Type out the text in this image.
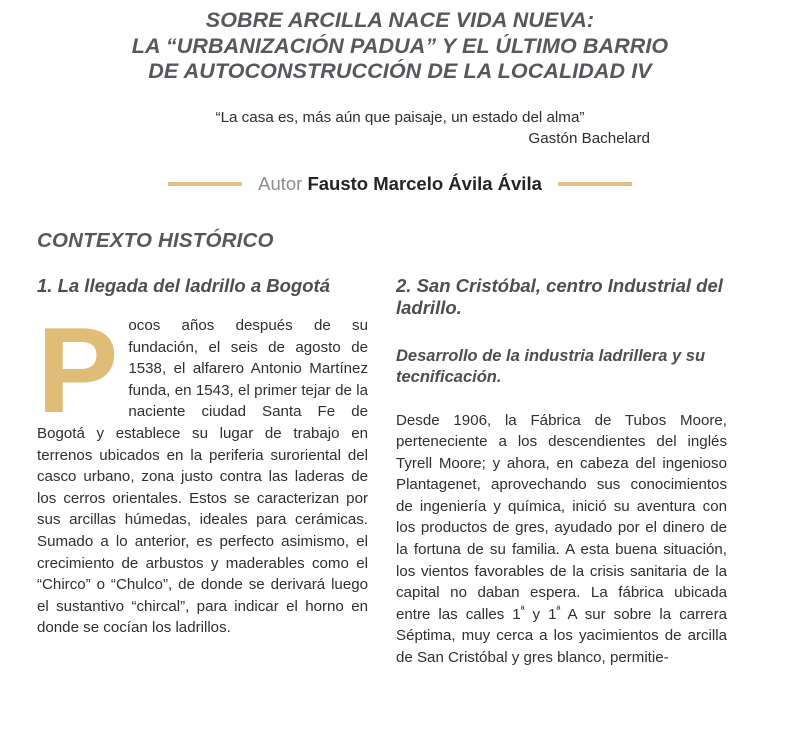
SOBRE ARCILLA NACE VIDA NUEVA:
LA “URBANIZACIÓN PADUA” Y EL ÚLTIMO BARRIO
DE AUTOCONSTRUCCIÓN DE LA LOCALIDAD IV

“La casa es, más aún que paisaje, un estado del alma”

Gastón Bachelard

Autor Fausto Marcelo Ávila Ávila
CONTEXTO HISTÓRICO
1. La llegada del ladrillo a Bogotá

Pocos años después de su fundación, el seis de agosto de 1538, el alfarero Antonio Martínez funda, en 1543, el primer tejar de la naciente ciudad Santa Fe de Bogotá y establece su lugar de trabajo en terrenos ubicados en la periferia suroriental del casco urbano, zona justo contra las laderas de los cerros orientales. Estos se caracterizan por sus arcillas húmedas, ideales para cerámicas. Sumado a lo anterior, es perfecto asimismo, el crecimiento de arbustos y maderables como el “Chirco” o “Chulco”, de donde se derivará luego el sustantivo “chircal”, para indicar el horno en donde se cocían los ladrillos.

2. San Cristóbal, centro Industrial del ladrillo.
Desarrollo de la industria ladrillera y su tecnificación.

Desde 1906, la Fábrica de Tubos Moore, perteneciente a los descendientes del inglés Tyrell Moore; y ahora, en cabeza del ingenioso Plantagenet, aprovechando sus conocimientos de ingeniería y química, inició su aventura con los productos de gres, ayudado por el dinero de la fortuna de su familia. A esta buena situación, los vientos favorables de la crisis sanitaria de la capital no daban espera. La fábrica ubicada entre las calles $1^ª$ y $1^ª$ A sur sobre la carrera Séptima, muy cerca a los yacimientos de arcilla de San Cristóbal y gres blanco, permitie-
